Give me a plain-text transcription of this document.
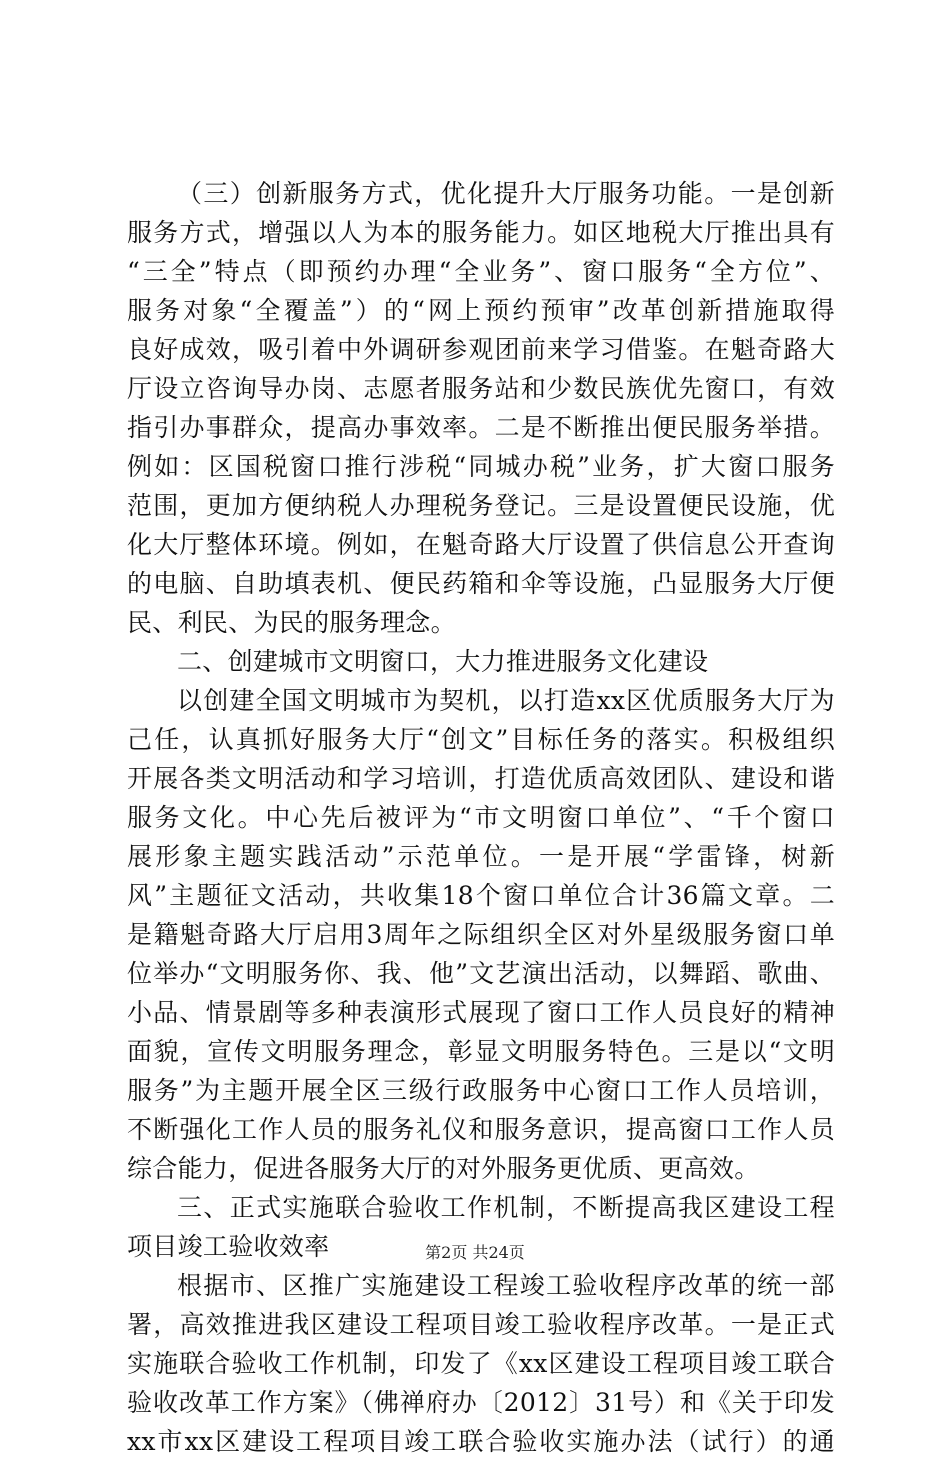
（三）创新服务方式，优化提升大厅服务功能。一是创新
服务方式，增强以人为本的服务能力。如区地税大厅推出具有
“三全”特点（即预约办理“全业务”、窗口服务“全方位”、
服务对象“全覆盖”）的“网上预约预审”改革创新措施取得
良好成效，吸引着中外调研参观团前来学习借鉴。在魁奇路大
厅设立咨询导办岗、志愿者服务站和少数民族优先窗口，有效
指引办事群众，提高办事效率。二是不断推出便民服务举措。
例如：区国税窗口推行涉税“同城办税”业务，扩大窗口服务
范围，更加方便纳税人办理税务登记。三是设置便民设施，优
化大厅整体环境。例如，在魁奇路大厅设置了供信息公开查询
的电脑、自助填表机、便民药箱和伞等设施，凸显服务大厅便
民、利民、为民的服务理念。
二、创建城市文明窗口，大力推进服务文化建设
以创建全国文明城市为契机，以打造xx区优质服务大厅为
己任，认真抓好服务大厅“创文”目标任务的落实。积极组织
开展各类文明活动和学习培训，打造优质高效团队、建设和谐
服务文化。中心先后被评为“市文明窗口单位”、“千个窗口
展形象主题实践活动”示范单位。一是开展“学雷锋，树新
风”主题征文活动，共收集18个窗口单位合计36篇文章。二
是籍魁奇路大厅启用3周年之际组织全区对外星级服务窗口单
位举办“文明服务你、我、他”文艺演出活动，以舞蹈、歌曲、
小品、情景剧等多种表演形式展现了窗口工作人员良好的精神
面貌，宣传文明服务理念，彰显文明服务特色。三是以“文明
服务”为主题开展全区三级行政服务中心窗口工作人员培训，
不断强化工作人员的服务礼仪和服务意识，提高窗口工作人员
综合能力，促进各服务大厅的对外服务更优质、更高效。
三、正式实施联合验收工作机制，不断提高我区建设工程
项目竣工验收效率
根据市、区推广实施建设工程竣工验收程序改革的统一部
署，高效推进我区建设工程项目竣工验收程序改革。一是正式
实施联合验收工作机制，印发了《xx区建设工程项目竣工联合
验收改革工作方案》（佛禅府办〔2012〕31号）和《关于印发
xx市xx区建设工程项目竣工联合验收实施办法（试行）的通
第2页 共24页
